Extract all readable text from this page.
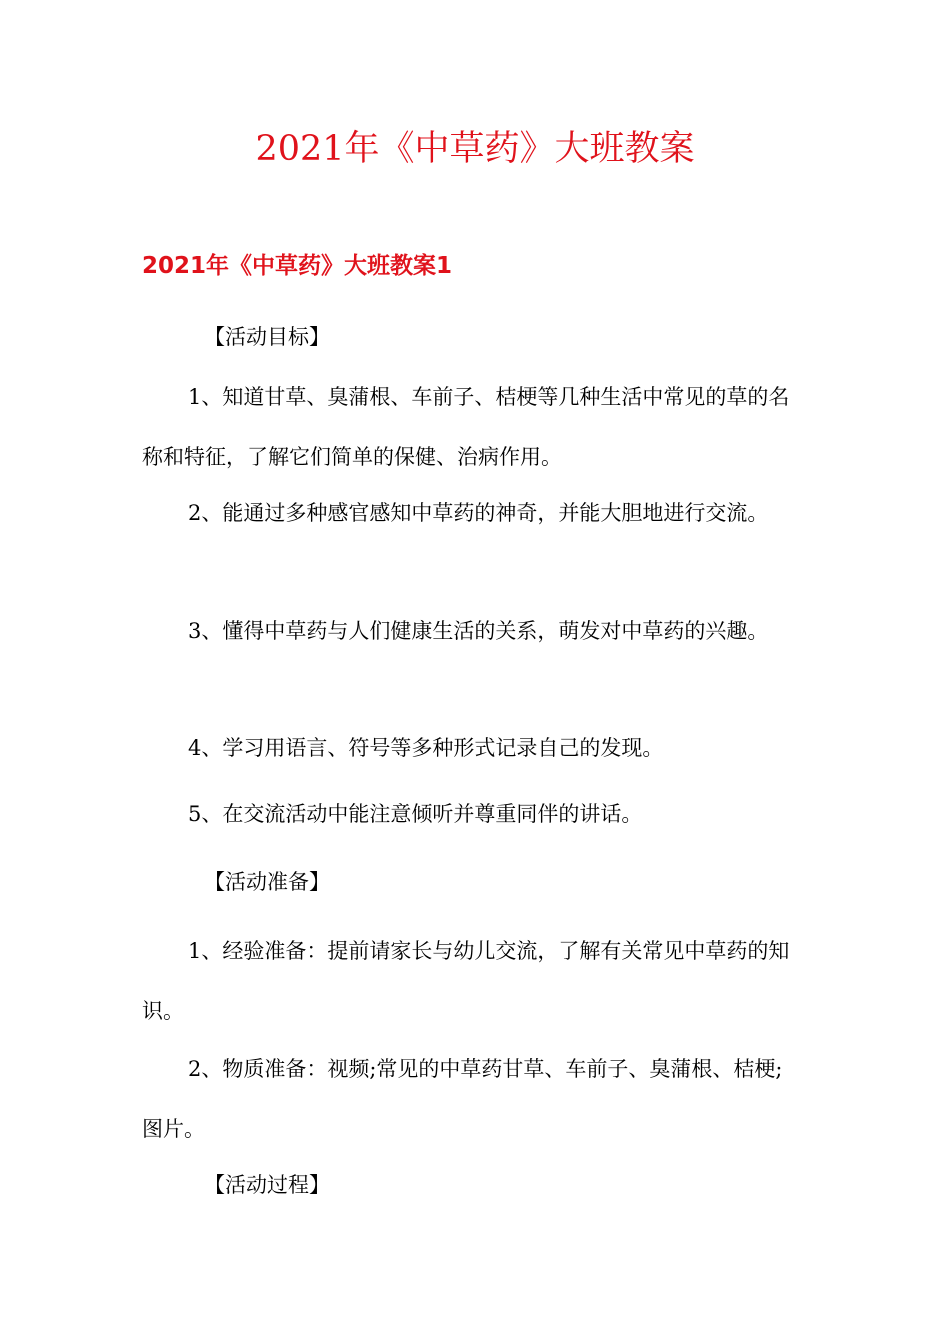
2021年《中草药》大班教案
2021年《中草药》大班教案1

【活动目标】

1、知道甘草、臭蒲根、车前子、桔梗等几种生活中常见的草的名称和特征，了解它们简单的保健、治病作用。

2、能通过多种感官感知中草药的神奇，并能大胆地进行交流。

3、懂得中草药与人们健康生活的关系，萌发对中草药的兴趣。

4、学习用语言、符号等多种形式记录自己的发现。

5、在交流活动中能注意倾听并尊重同伴的讲话。

【活动准备】

1、经验准备：提前请家长与幼儿交流，了解有关常见中草药的知识。

2、物质准备：视频;常见的中草药甘草、车前子、臭蒲根、桔梗;图片。

【活动过程】
